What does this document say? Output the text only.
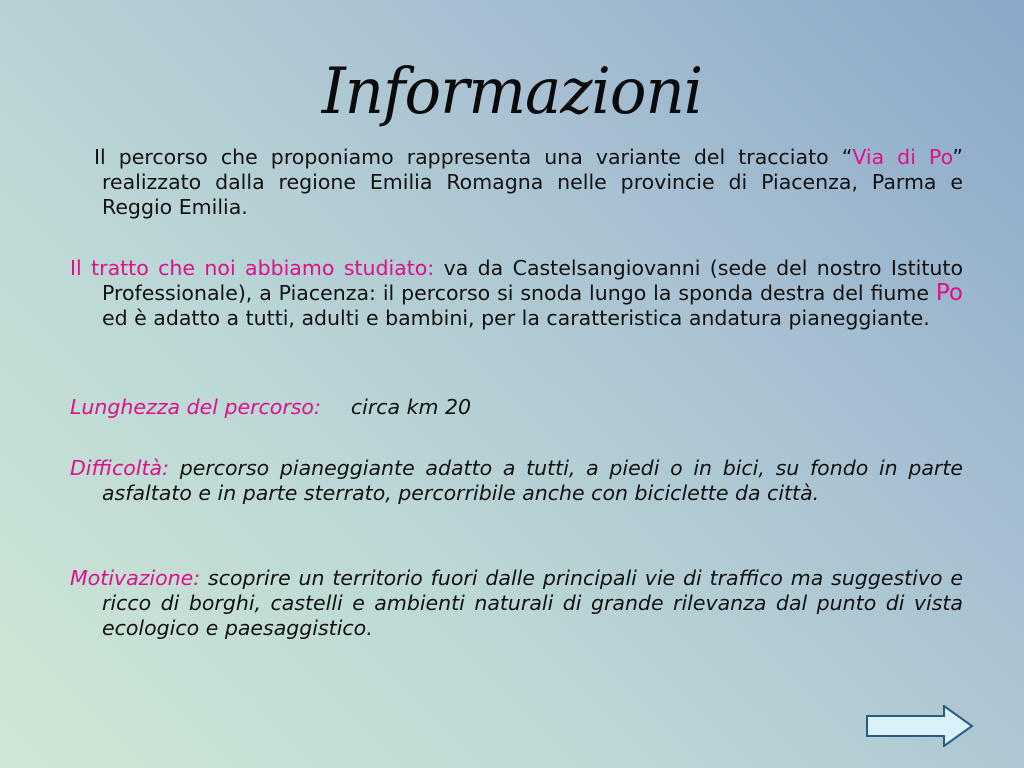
Informazioni
Il percorso che proponiamo rappresenta una variante del tracciato “Via di Po” realizzato dalla regione Emilia Romagna nelle provincie di Piacenza, Parma e Reggio Emilia.
Il tratto che noi abbiamo studiato: va da Castelsangiovanni (sede del nostro Istituto Professionale), a Piacenza: il percorso si snoda lungo la sponda destra del fiume Po ed è adatto a tutti, adulti e bambini, per la caratteristica andatura pianeggiante.
Lunghezza del percorso: circa km 20
Difficoltà: percorso pianeggiante adatto a tutti, a piedi o in bici, su fondo in parte asfaltato e in parte sterrato, percorribile anche con biciclette da città.
Motivazione: scoprire un territorio fuori dalle principali vie di traffico ma suggestivo e ricco di borghi, castelli e ambienti naturali di grande rilevanza dal punto di vista ecologico e paesaggistico.
